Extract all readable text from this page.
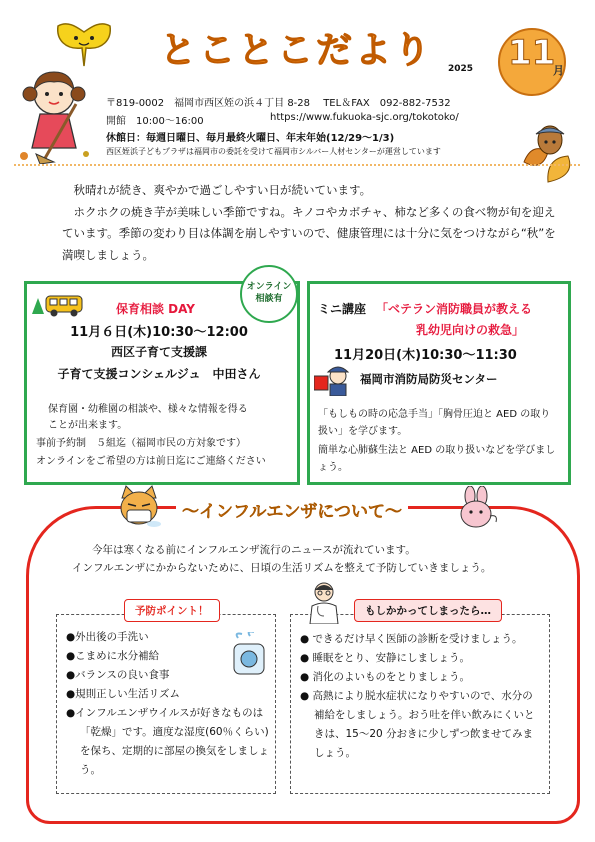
とことこだより 2025 11
月
〒819-0002　福岡市西区姪の浜４丁目 8-28　 TEL＆FAX　092-882-7532
開館　10:00～16:00	https://www.fukuoka-sjc.org/tokotoko/
休館日：毎週日曜日、毎月最終火曜日、年末年始(12/29～1/3)
西区姪浜子どもプラザは福岡市の委託を受けて福岡市シルバー人材センターが運営しています

秋晴れが続き、爽やかで過ごしやすい日が続いています。

ホクホクの焼き芋が美味しい季節ですね。キノコやカボチャ、柿など多くの食べ物が旬を迎えています。季節の変わり目は体調を崩しやすいので、健康管理には十分に気をつけながら“秋”を満喫しましょう。

オンライン
相談有
保育相談 DAY
11月６日(木)10:30～12:00
西区子育て支援課
子育て支援コンシェルジュ　中田さん
保育園・幼稚園の相談や、様々な情報を得る
ことが出来ます。
事前予約制　５組迄（福岡市民の方対象です）
オンラインをご希望の方は前日迄にご連絡ください
ミニ講座 「ベテラン消防職員が教える
乳幼児向けの救急」
11月20日(木)10:30～11:30
福岡市消防局防災センター
「もしもの時の応急手当」「胸骨圧迫と AED の取り扱い」を学びます。
簡単な心肺蘇生法と AED の取り扱いなどを学びましょう。
～インフルエンザについて～
今年は寒くなる前にインフルエンザ流行のニュースが流れています。
インフルエンザにかからないために、日頃の生活リズムを整えて予防していきましょう。
予防ポイント！
●外出後の手洗い
●こまめに水分補給
●バランスの良い食事
●規則正しい生活リズム
●インフルエンザウイルスが好きなものは「乾燥」です。適度な湿度(60％くらい)を保ち、定期的に部屋の換気をしましょう。
もしかかってしまったら…
● できるだけ早く医師の診断を受けましょう。
● 睡眠をとり、安静にしましょう。
● 消化のよいものをとりましょう。
● 高熱により脱水症状になりやすいので、水分の補給をしましょう。おう吐を伴い飲みにくいときは、15～20 分おきに少しずつ飲ませてみましょう。
